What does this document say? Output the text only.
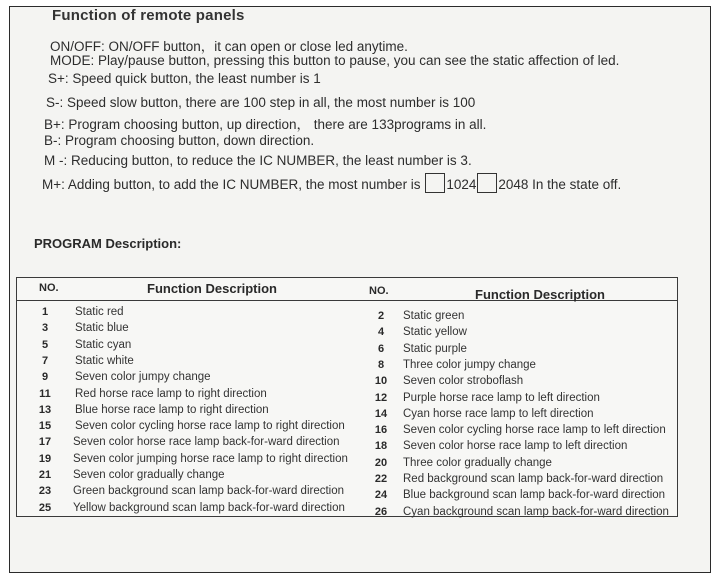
Function of remote panels
ON/OFF: ON/OFF button，it can open or close led anytime.
MODE: Play/pause button, pressing this button to pause, you can see the static affection of led.
S+: Speed quick button, the least number is 1
S-: Speed slow button, there are 100 step in all, the most number is 100
B+: Program choosing button, up direction， there are 133programs in all.
B-: Program choosing button, down direction.
M -: Reducing button, to reduce the IC NUMBER, the least number is 3.
M+: Adding button, to add the IC NUMBER, the most number is 1024 2048 In the state off.
PROGRAM Description:
NO.	Function Description	NO.	Function Description
1	Static red	2	Static green
3	Static blue	4	Static yellow
5	Static cyan	6	Static purple
7	Static white	8	Three color jumpy change
9	Seven color jumpy change	10	Seven color stroboflash
11	Red horse race lamp to right direction	12	Purple horse race lamp to left direction
13	Blue horse race lamp to right direction	14	Cyan horse race lamp to left direction
15	Seven color cycling horse race lamp to right direction	16	Seven color cycling horse race lamp to left direction
17	Seven color horse race lamp back-for-ward direction	18	Seven color horse race lamp to left direction
19	Seven color jumping horse race lamp to right direction	20	Three color gradually change
21	Seven color gradually change	22	Red background scan lamp back-for-ward direction
23	Green background scan lamp back-for-ward direction	24	Blue background scan lamp back-for-ward direction
25	Yellow background scan lamp back-for-ward direction	26	Cyan background scan lamp back-for-ward direction
